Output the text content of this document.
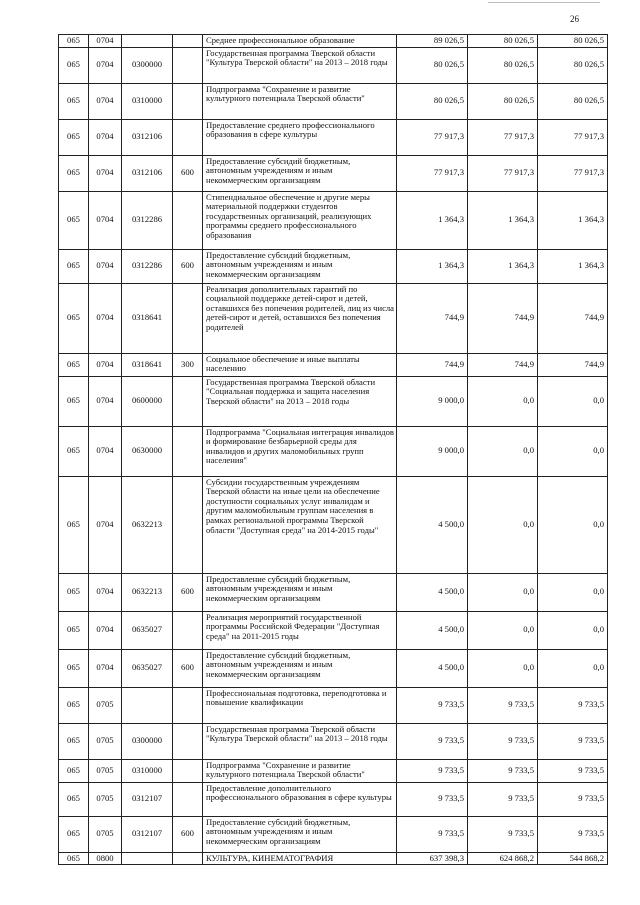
26
065	0704			Среднее профессиональное образование	89 026,5	80 026,5	80 026,5
065	0704	0300000		Государственная программа Тверской области "Культура Тверской области" на 2013 – 2018 годы	80 026,5	80 026,5	80 026,5
065	0704	0310000		Подпрограмма "Сохранение и развитие культурного потенциала Тверской области"	80 026,5	80 026,5	80 026,5
065	0704	0312106		Предоставление среднего профессионального образования в сфере культуры	77 917,3	77 917,3	77 917,3
065	0704	0312106	600	Предоставление субсидий бюджетным, автономным учреждениям и иным некоммерческим организациям	77 917,3	77 917,3	77 917,3
065	0704	0312286		Стипендиальное обеспечение и другие меры материальной поддержки студентов государственных организаций, реализующих программы среднего профессионального образования	1 364,3	1 364,3	1 364,3
065	0704	0312286	600	Предоставление субсидий бюджетным, автономным учреждениям и иным некоммерческим организациям	1 364,3	1 364,3	1 364,3
065	0704	0318641		Реализация дополнительных гарантий по социальной поддержке детей-сирот и детей, оставшихся без попечения родителей, лиц из числа детей-сирот и детей, оставшихся без попечения родителей	744,9	744,9	744,9
065	0704	0318641	300	Социальное обеспечение и иные выплаты населению	744,9	744,9	744,9
065	0704	0600000		Государственная программа Тверской области "Социальная поддержка и защита населения Тверской области" на 2013 – 2018 годы	9 000,0	0,0	0,0
065	0704	0630000		Подпрограмма "Социальная интеграция инвалидов и формирование безбарьерной среды для инвалидов и других маломобильных групп населения"	9 000,0	0,0	0,0
065	0704	0632213		Субсидии государственным учреждениям Тверской области на иные цели на обеспечение доступности социальных услуг инвалидам и другим маломобильным группам населения в рамках региональной программы Тверской области "Доступная среда" на 2014-2015 годы"	4 500,0	0,0	0,0
065	0704	0632213	600	Предоставление субсидий бюджетным, автономным учреждениям и иным некоммерческим организациям	4 500,0	0,0	0,0
065	0704	0635027		Реализация мероприятий государственной программы Российской Федерации "Доступная среда" на 2011-2015 годы	4 500,0	0,0	0,0
065	0704	0635027	600	Предоставление субсидий бюджетным, автономным учреждениям и иным некоммерческим организациям	4 500,0	0,0	0,0
065	0705			Профессиональная подготовка, переподготовка и повышение квалификации	9 733,5	9 733,5	9 733,5
065	0705	0300000		Государственная программа Тверской области "Культура Тверской области" на 2013 – 2018 годы	9 733,5	9 733,5	9 733,5
065	0705	0310000		Подпрограмма "Сохранение и развитие культурного потенциала Тверской области"	9 733,5	9 733,5	9 733,5
065	0705	0312107		Предоставление дополнительного профессионального образования в сфере культуры	9 733,5	9 733,5	9 733,5
065	0705	0312107	600	Предоставление субсидий бюджетным, автономным учреждениям и иным некоммерческим организациям	9 733,5	9 733,5	9 733,5
065	0800			КУЛЬТУРА, КИНЕМАТОГРАФИЯ	637 398,3	624 868,2	544 868,2
